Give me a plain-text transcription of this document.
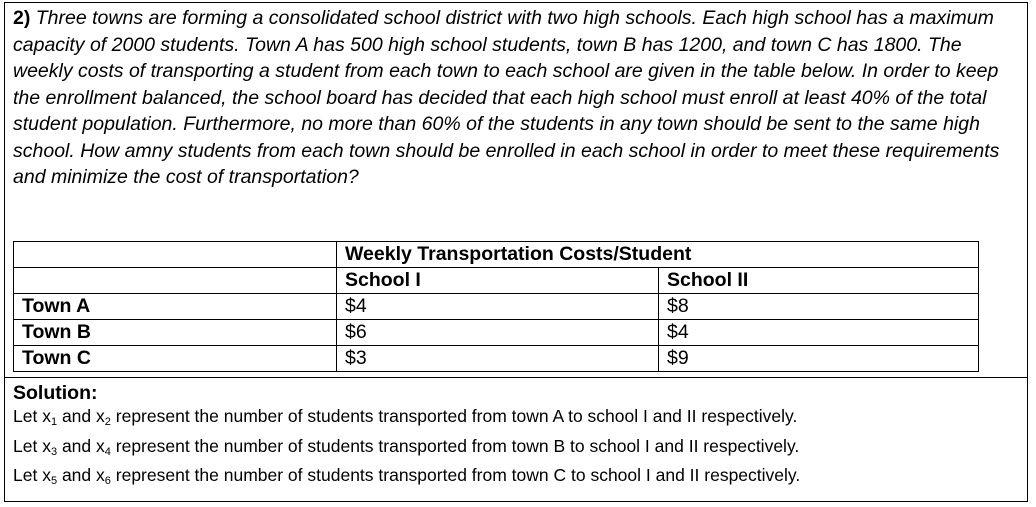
2) Three towns are forming a consolidated school district with two high schools. Each high school has a maximum capacity of 2000 students. Town A has 500 high school students, town B has 1200, and town C has 1800. The weekly costs of transporting a student from each town to each school are given in the table below. In order to keep the enrollment balanced, the school board has decided that each high school must enroll at least 40% of the total student population. Furthermore, no more than 60% of the students in any town should be sent to the same high school. How amny students from each town should be enrolled in each school in order to meet these requirements and minimize the cost of transportation?

	Weekly Transportation Costs/Student	
	School I	School II
Town A	$4	$8
Town B	$6	$4
Town C	$3	$9

Solution:

Let $x_1$ and $x_2$ represent the number of students transported from town A to school I and II respectively.
Let $x_3$ and $x_4$ represent the number of students transported from town B to school I and II respectively.
Let $x_5$ and $x_6$ represent the number of students transported from town C to school I and II respectively.
